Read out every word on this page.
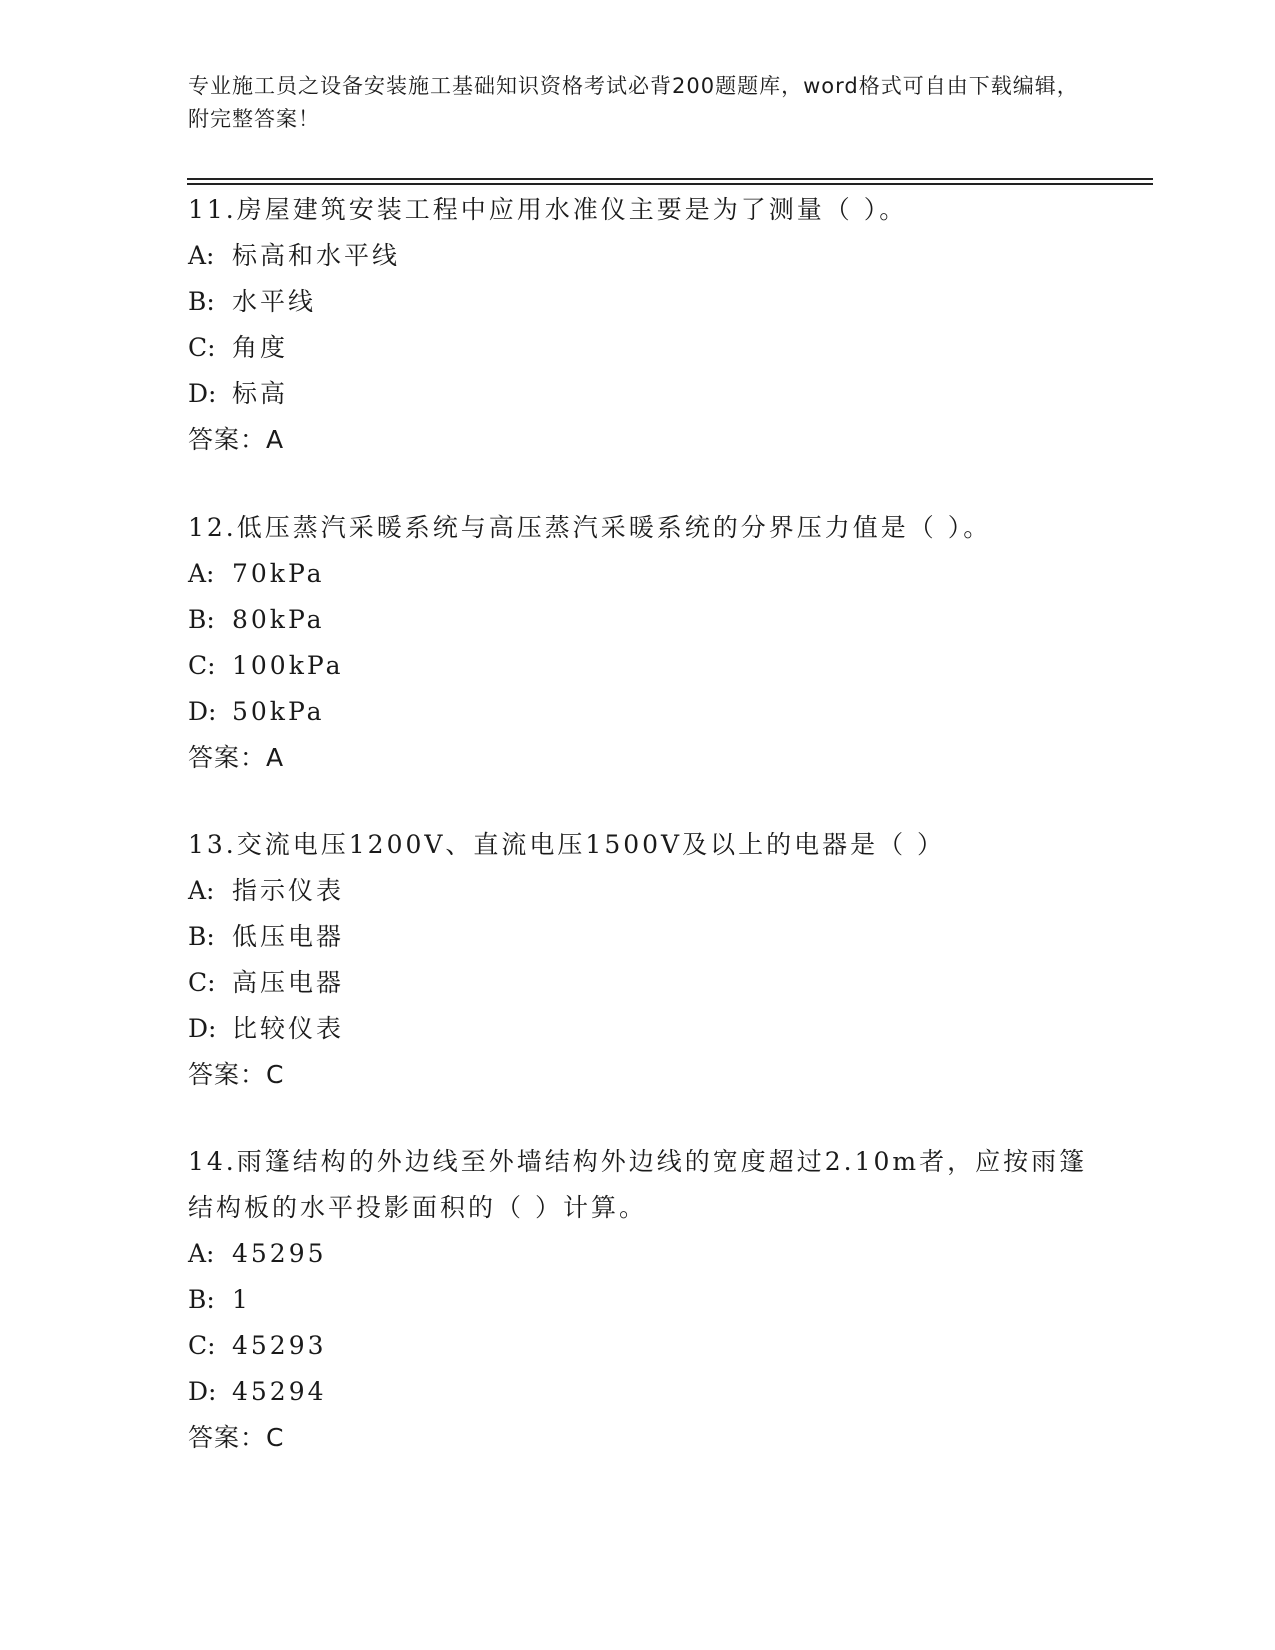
专业施工员之设备安装施工基础知识资格考试必背200题题库，word格式可自由下载编辑，附完整答案！
11.房屋建筑安装工程中应用水准仪主要是为了测量（ ）。
A: 标高和水平线
B: 水平线
C: 角度
D: 标高
答案：A
12.低压蒸汽采暖系统与高压蒸汽采暖系统的分界压力值是（ ）。
A: 70kPa
B: 80kPa
C: 100kPa
D: 50kPa
答案：A
13.交流电压1200V、直流电压1500V及以上的电器是（ ）
A: 指示仪表
B: 低压电器
C: 高压电器
D: 比较仪表
答案：C
14.雨篷结构的外边线至外墙结构外边线的宽度超过2.10m者，应按雨篷结构板的水平投影面积的（ ）计算。
A: 45295
B: 1
C: 45293
D: 45294
答案：C
